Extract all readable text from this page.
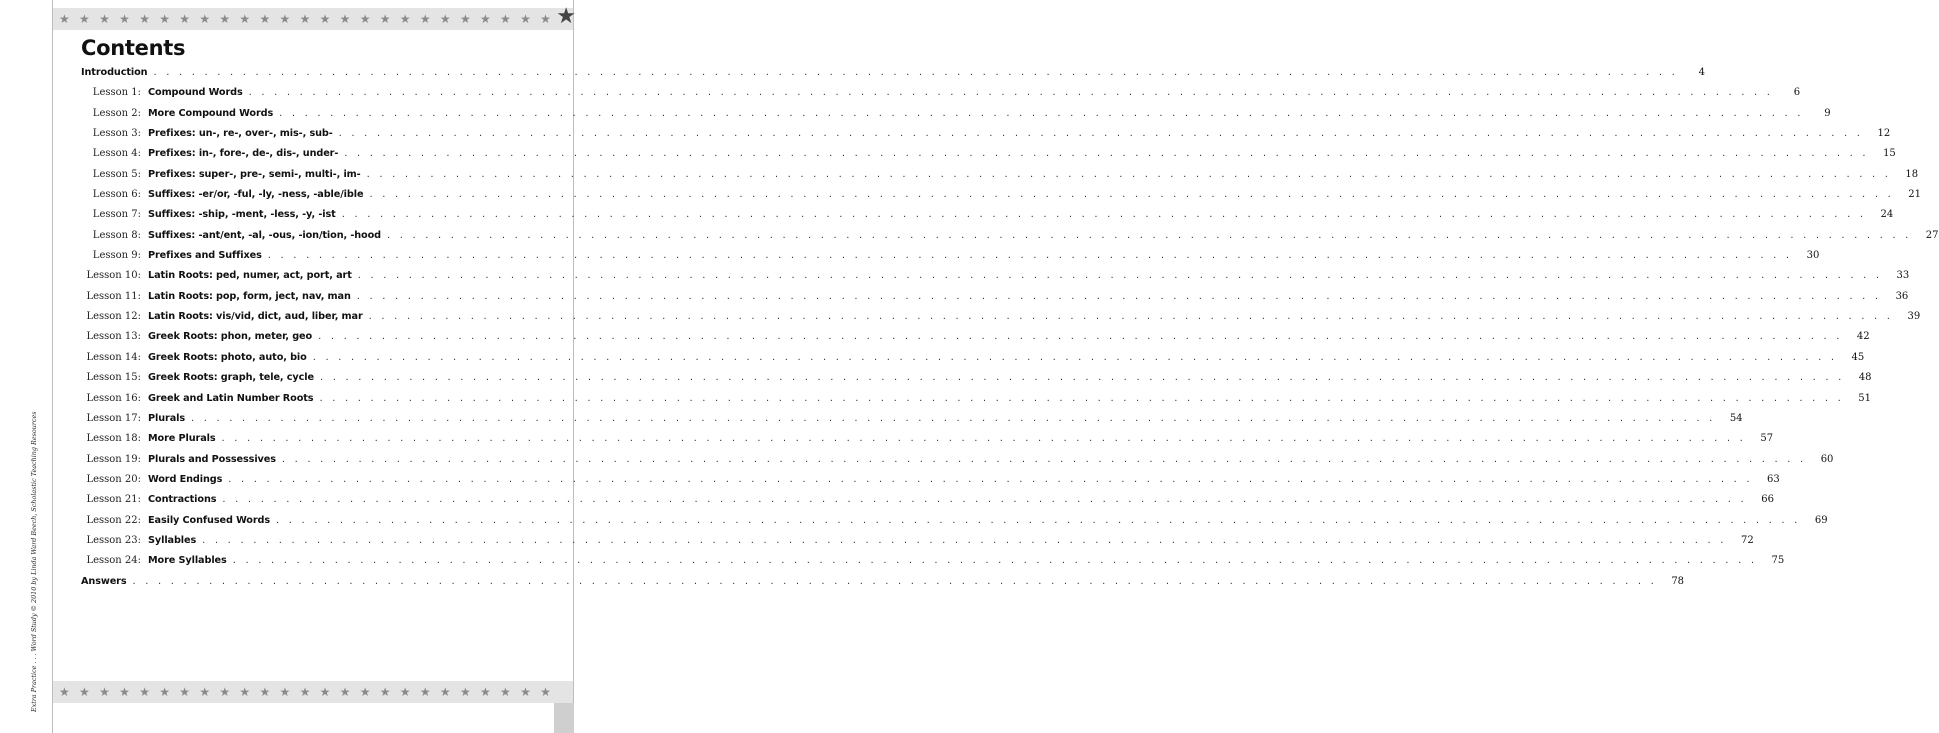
★ ★ ★ ★ ★ ★ ★ ★ ★ ★ ★ ★ ★ ★ ★ ★ ★ ★ ★ ★ ★ ★ ★ ★ ★ ★
Contents
Introduction . . . . . . . . . . . . . . . . . . . . . . . . . . . . . . . . . . . . . . . . . . . . . . . . . . . . . . . . . . . . . . . . . . . . . . . . . . . . . . . . . . . . . . . . . . . . . . . . . . . . . . . . . . . . . . . . . . . . . . . .	4
Lesson 1: Compound Words . . . . . . . . . . . . . . . . . . . . . . . . . . . . . . . . . . . . . . . . . . . . . . . . . . . . . . . . . . . . . . . . . . . . . . . . . . . . . . . . . . . . . . . . . . . . . . . . . . . . . . . . . . . . . . . . . . . . . . . .	6
Lesson 2: More Compound Words . . . . . . . . . . . . . . . . . . . . . . . . . . . . . . . . . . . . . . . . . . . . . . . . . . . . . . . . . . . . . . . . . . . . . . . . . . . . . . . . . . . . . . . . . . . . . . . . . . . . . . . . . . . . . . . . . . . . . . . .	9
Lesson 3: Prefixes: un-, re-, over-, mis-, sub- . . . . . . . . . . . . . . . . . . . . . . . . . . . . . . . . . . . . . . . . . . . . . . . . . . . . . . . . . . . . . . . . . . . . . . . . . . . . . . . . . . . . . . . . . . . . . . . . . . . . . . . . . . . . . . . . . . . . . . . .	12
Lesson 4: Prefixes: in-, fore-, de-, dis-, under- . . . . . . . . . . . . . . . . . . . . . . . . . . . . . . . . . . . . . . . . . . . . . . . . . . . . . . . . . . . . . . . . . . . . . . . . . . . . . . . . . . . . . . . . . . . . . . . . . . . . . . . . . . . . . . . . . . . . . . . .	15
Lesson 5: Prefixes: super-, pre-, semi-, multi-, im- . . . . . . . . . . . . . . . . . . . . . . . . . . . . . . . . . . . . . . . . . . . . . . . . . . . . . . . . . . . . . . . . . . . . . . . . . . . . . . . . . . . . . . . . . . . . . . . . . . . . . . . . . . . . . . . . . . . . . . . .	18
Lesson 6: Suffixes: -er/or, -ful, -ly, -ness, -able/ible . . . . . . . . . . . . . . . . . . . . . . . . . . . . . . . . . . . . . . . . . . . . . . . . . . . . . . . . . . . . . . . . . . . . . . . . . . . . . . . . . . . . . . . . . . . . . . . . . . . . . . . . . . . . . . . . . . . . . . . .	21
Lesson 7: Suffixes: -ship, -ment, -less, -y, -ist . . . . . . . . . . . . . . . . . . . . . . . . . . . . . . . . . . . . . . . . . . . . . . . . . . . . . . . . . . . . . . . . . . . . . . . . . . . . . . . . . . . . . . . . . . . . . . . . . . . . . . . . . . . . . . . . . . . . . . . .	24
Lesson 8: Suffixes: -ant/ent, -al, -ous, -ion/tion, -hood . . . . . . . . . . . . . . . . . . . . . . . . . . . . . . . . . . . . . . . . . . . . . . . . . . . . . . . . . . . . . . . . . . . . . . . . . . . . . . . . . . . . . . . . . . . . . . . . . . . . . . . . . . . . . . . . . . . . . . . .	27
Lesson 9: Prefixes and Suffixes . . . . . . . . . . . . . . . . . . . . . . . . . . . . . . . . . . . . . . . . . . . . . . . . . . . . . . . . . . . . . . . . . . . . . . . . . . . . . . . . . . . . . . . . . . . . . . . . . . . . . . . . . . . . . . . . . . . . . . . .	30
Lesson 10: Latin Roots: ped, numer, act, port, art . . . . . . . . . . . . . . . . . . . . . . . . . . . . . . . . . . . . . . . . . . . . . . . . . . . . . . . . . . . . . . . . . . . . . . . . . . . . . . . . . . . . . . . . . . . . . . . . . . . . . . . . . . . . . . . . . . . . . . . .	33
Lesson 11: Latin Roots: pop, form, ject, nav, man . . . . . . . . . . . . . . . . . . . . . . . . . . . . . . . . . . . . . . . . . . . . . . . . . . . . . . . . . . . . . . . . . . . . . . . . . . . . . . . . . . . . . . . . . . . . . . . . . . . . . . . . . . . . . . . . . . . . . . . .	36
Lesson 12: Latin Roots: vis/vid, dict, aud, liber, mar . . . . . . . . . . . . . . . . . . . . . . . . . . . . . . . . . . . . . . . . . . . . . . . . . . . . . . . . . . . . . . . . . . . . . . . . . . . . . . . . . . . . . . . . . . . . . . . . . . . . . . . . . . . . . . . . . . . . . . . .	39
Lesson 13: Greek Roots: phon, meter, geo . . . . . . . . . . . . . . . . . . . . . . . . . . . . . . . . . . . . . . . . . . . . . . . . . . . . . . . . . . . . . . . . . . . . . . . . . . . . . . . . . . . . . . . . . . . . . . . . . . . . . . . . . . . . . . . . . . . . . . . .	42
Lesson 14: Greek Roots: photo, auto, bio . . . . . . . . . . . . . . . . . . . . . . . . . . . . . . . . . . . . . . . . . . . . . . . . . . . . . . . . . . . . . . . . . . . . . . . . . . . . . . . . . . . . . . . . . . . . . . . . . . . . . . . . . . . . . . . . . . . . . . . .	45
Lesson 15: Greek Roots: graph, tele, cycle . . . . . . . . . . . . . . . . . . . . . . . . . . . . . . . . . . . . . . . . . . . . . . . . . . . . . . . . . . . . . . . . . . . . . . . . . . . . . . . . . . . . . . . . . . . . . . . . . . . . . . . . . . . . . . . . . . . . . . . .	48
Lesson 16: Greek and Latin Number Roots . . . . . . . . . . . . . . . . . . . . . . . . . . . . . . . . . . . . . . . . . . . . . . . . . . . . . . . . . . . . . . . . . . . . . . . . . . . . . . . . . . . . . . . . . . . . . . . . . . . . . . . . . . . . . . . . . . . . . . . .	51
Lesson 17: Plurals . . . . . . . . . . . . . . . . . . . . . . . . . . . . . . . . . . . . . . . . . . . . . . . . . . . . . . . . . . . . . . . . . . . . . . . . . . . . . . . . . . . . . . . . . . . . . . . . . . . . . . . . . . . . . . . . . . . . . . . .	54
Lesson 18: More Plurals . . . . . . . . . . . . . . . . . . . . . . . . . . . . . . . . . . . . . . . . . . . . . . . . . . . . . . . . . . . . . . . . . . . . . . . . . . . . . . . . . . . . . . . . . . . . . . . . . . . . . . . . . . . . . . . . . . . . . . . .	57
Lesson 19: Plurals and Possessives . . . . . . . . . . . . . . . . . . . . . . . . . . . . . . . . . . . . . . . . . . . . . . . . . . . . . . . . . . . . . . . . . . . . . . . . . . . . . . . . . . . . . . . . . . . . . . . . . . . . . . . . . . . . . . . . . . . . . . . .	60
Lesson 20: Word Endings . . . . . . . . . . . . . . . . . . . . . . . . . . . . . . . . . . . . . . . . . . . . . . . . . . . . . . . . . . . . . . . . . . . . . . . . . . . . . . . . . . . . . . . . . . . . . . . . . . . . . . . . . . . . . . . . . . . . . . . .	63
Lesson 21: Contractions . . . . . . . . . . . . . . . . . . . . . . . . . . . . . . . . . . . . . . . . . . . . . . . . . . . . . . . . . . . . . . . . . . . . . . . . . . . . . . . . . . . . . . . . . . . . . . . . . . . . . . . . . . . . . . . . . . . . . . . .	66
Lesson 22: Easily Confused Words . . . . . . . . . . . . . . . . . . . . . . . . . . . . . . . . . . . . . . . . . . . . . . . . . . . . . . . . . . . . . . . . . . . . . . . . . . . . . . . . . . . . . . . . . . . . . . . . . . . . . . . . . . . . . . . . . . . . . . . .	69
Lesson 23: Syllables . . . . . . . . . . . . . . . . . . . . . . . . . . . . . . . . . . . . . . . . . . . . . . . . . . . . . . . . . . . . . . . . . . . . . . . . . . . . . . . . . . . . . . . . . . . . . . . . . . . . . . . . . . . . . . . . . . . . . . . .	72
Lesson 24: More Syllables . . . . . . . . . . . . . . . . . . . . . . . . . . . . . . . . . . . . . . . . . . . . . . . . . . . . . . . . . . . . . . . . . . . . . . . . . . . . . . . . . . . . . . . . . . . . . . . . . . . . . . . . . . . . . . . . . . . . . . . .	75
Answers . . . . . . . . . . . . . . . . . . . . . . . . . . . . . . . . . . . . . . . . . . . . . . . . . . . . . . . . . . . . . . . . . . . . . . . . . . . . . . . . . . . . . . . . . . . . . . . . . . . . . . . . . . . . . . . . . . . . . . . .	78
★ ★ ★ ★ ★ ★ ★ ★ ★ ★ ★ ★ ★ ★ ★ ★ ★ ★ ★ ★ ★ ★ ★ ★ ★
Extra Practice . . . Word Study © 2010 by Linda Ward Beech, Scholastic Teaching Resources
